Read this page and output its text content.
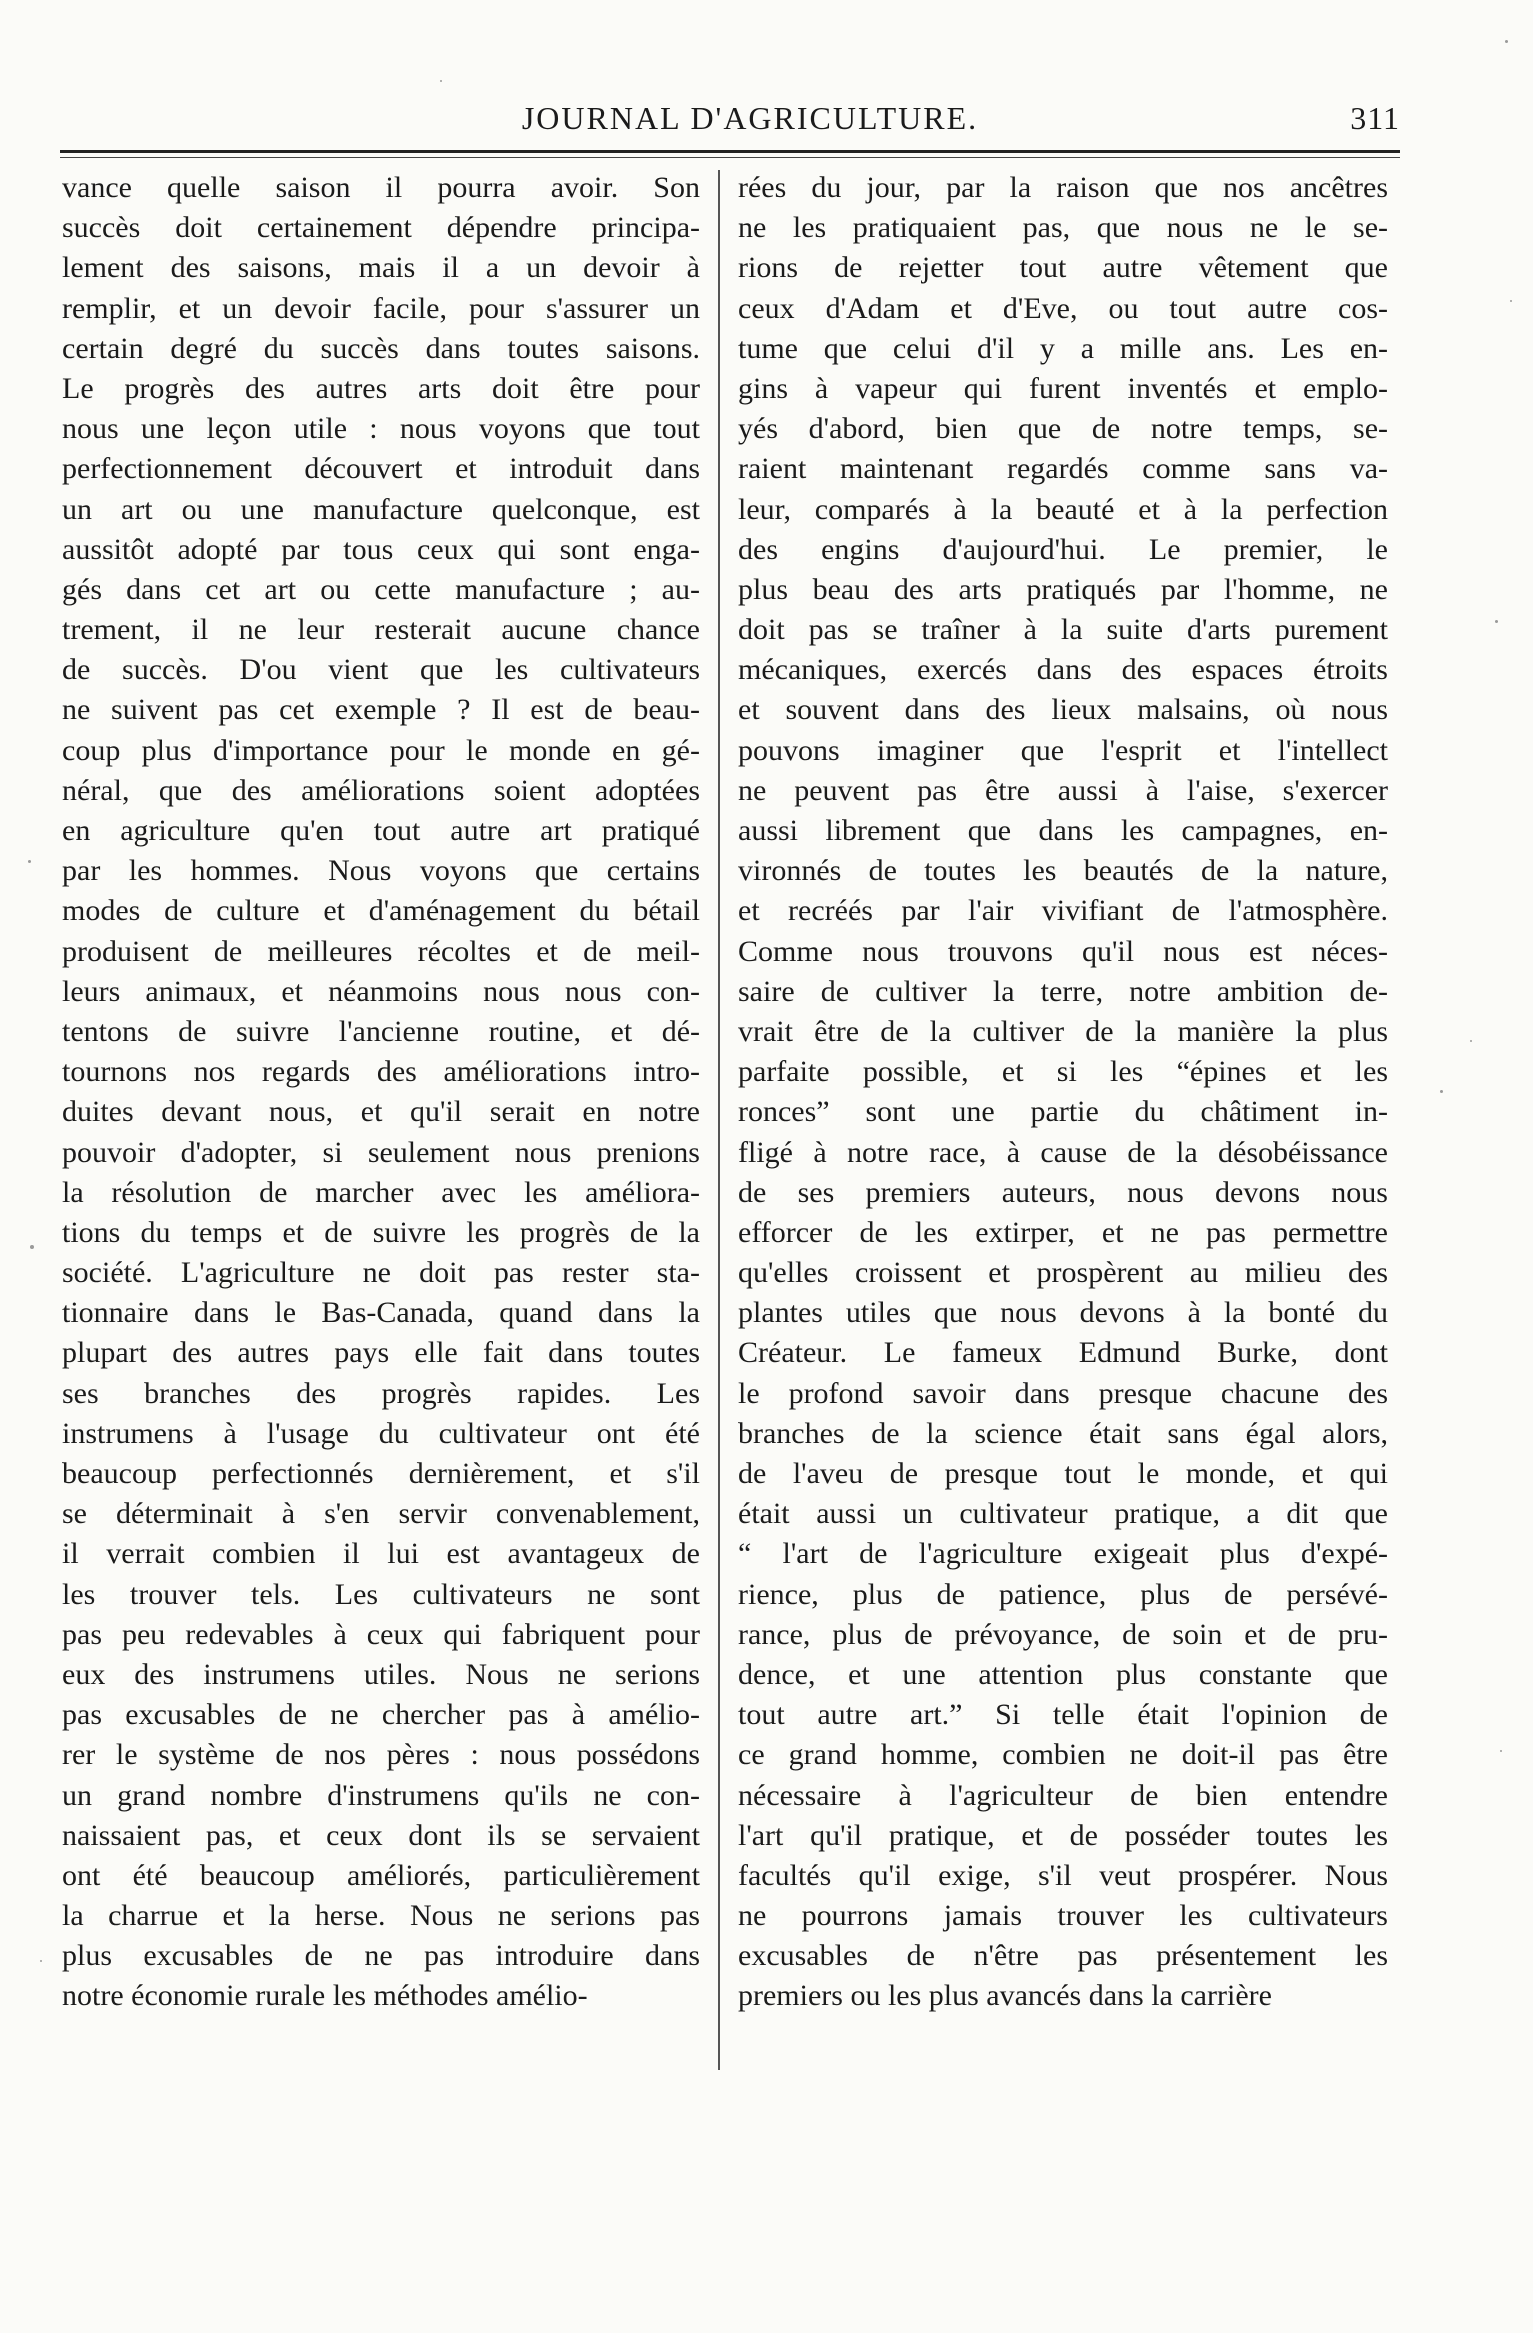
JOURNAL D'AGRICULTURE.	311
vance quelle saison il pourra avoir. Son
succès doit certainement dépendre principa-
lement des saisons, mais il a un devoir à
remplir, et un devoir facile, pour s'assurer un
certain degré du succès dans toutes saisons.
Le progrès des autres arts doit être pour
nous une leçon utile : nous voyons que tout
perfectionnement découvert et introduit dans
un art ou une manufacture quelconque, est
aussitôt adopté par tous ceux qui sont enga-
gés dans cet art ou cette manufacture ; au-
trement, il ne leur resterait aucune chance
de succès. D'ou vient que les cultivateurs
ne suivent pas cet exemple ? Il est de beau-
coup plus d'importance pour le monde en gé-
néral, que des améliorations soient adoptées
en agriculture qu'en tout autre art pratiqué
par les hommes. Nous voyons que certains
modes de culture et d'aménagement du bétail
produisent de meilleures récoltes et de meil-
leurs animaux, et néanmoins nous nous con-
tentons de suivre l'ancienne routine, et dé-
tournons nos regards des améliorations intro-
duites devant nous, et qu'il serait en notre
pouvoir d'adopter, si seulement nous prenions
la résolution de marcher avec les améliora-
tions du temps et de suivre les progrès de la
société. L'agriculture ne doit pas rester sta-
tionnaire dans le Bas-Canada, quand dans la
plupart des autres pays elle fait dans toutes
ses branches des progrès rapides. Les
instrumens à l'usage du cultivateur ont été
beaucoup perfectionnés dernièrement, et s'il
se déterminait à s'en servir convenablement,
il verrait combien il lui est avantageux de
les trouver tels. Les cultivateurs ne sont
pas peu redevables à ceux qui fabriquent pour
eux des instrumens utiles. Nous ne serions
pas excusables de ne chercher pas à amélio-
rer le système de nos pères : nous possédons
un grand nombre d'instrumens qu'ils ne con-
naissaient pas, et ceux dont ils se servaient
ont été beaucoup améliorés, particulièrement
la charrue et la herse. Nous ne serions pas
plus excusables de ne pas introduire dans
notre économie rurale les méthodes amélio-
rées du jour, par la raison que nos ancêtres
ne les pratiquaient pas, que nous ne le se-
rions de rejetter tout autre vêtement que
ceux d'Adam et d'Eve, ou tout autre cos-
tume que celui d'il y a mille ans. Les en-
gins à vapeur qui furent inventés et emplo-
yés d'abord, bien que de notre temps, se-
raient maintenant regardés comme sans va-
leur, comparés à la beauté et à la perfection
des engins d'aujourd'hui. Le premier, le
plus beau des arts pratiqués par l'homme, ne
doit pas se traîner à la suite d'arts purement
mécaniques, exercés dans des espaces étroits
et souvent dans des lieux malsains, où nous
pouvons imaginer que l'esprit et l'intellect
ne peuvent pas être aussi à l'aise, s'exercer
aussi librement que dans les campagnes, en-
vironnés de toutes les beautés de la nature,
et recréés par l'air vivifiant de l'atmosphère.
Comme nous trouvons qu'il nous est néces-
saire de cultiver la terre, notre ambition de-
vrait être de la cultiver de la manière la plus
parfaite possible, et si les “épines et les
ronces” sont une partie du châtiment in-
fligé à notre race, à cause de la désobéissance
de ses premiers auteurs, nous devons nous
efforcer de les extirper, et ne pas permettre
qu'elles croissent et prospèrent au milieu des
plantes utiles que nous devons à la bonté du
Créateur. Le fameux Edmund Burke, dont
le profond savoir dans presque chacune des
branches de la science était sans égal alors,
de l'aveu de presque tout le monde, et qui
était aussi un cultivateur pratique, a dit que
“ l'art de l'agriculture exigeait plus d'expé-
rience, plus de patience, plus de persévé-
rance, plus de prévoyance, de soin et de pru-
dence, et une attention plus constante que
tout autre art.” Si telle était l'opinion de
ce grand homme, combien ne doit-il pas être
nécessaire à l'agriculteur de bien entendre
l'art qu'il pratique, et de posséder toutes les
facultés qu'il exige, s'il veut prospérer. Nous
ne pourrons jamais trouver les cultivateurs
excusables de n'être pas présentement les
premiers ou les plus avancés dans la carrière
